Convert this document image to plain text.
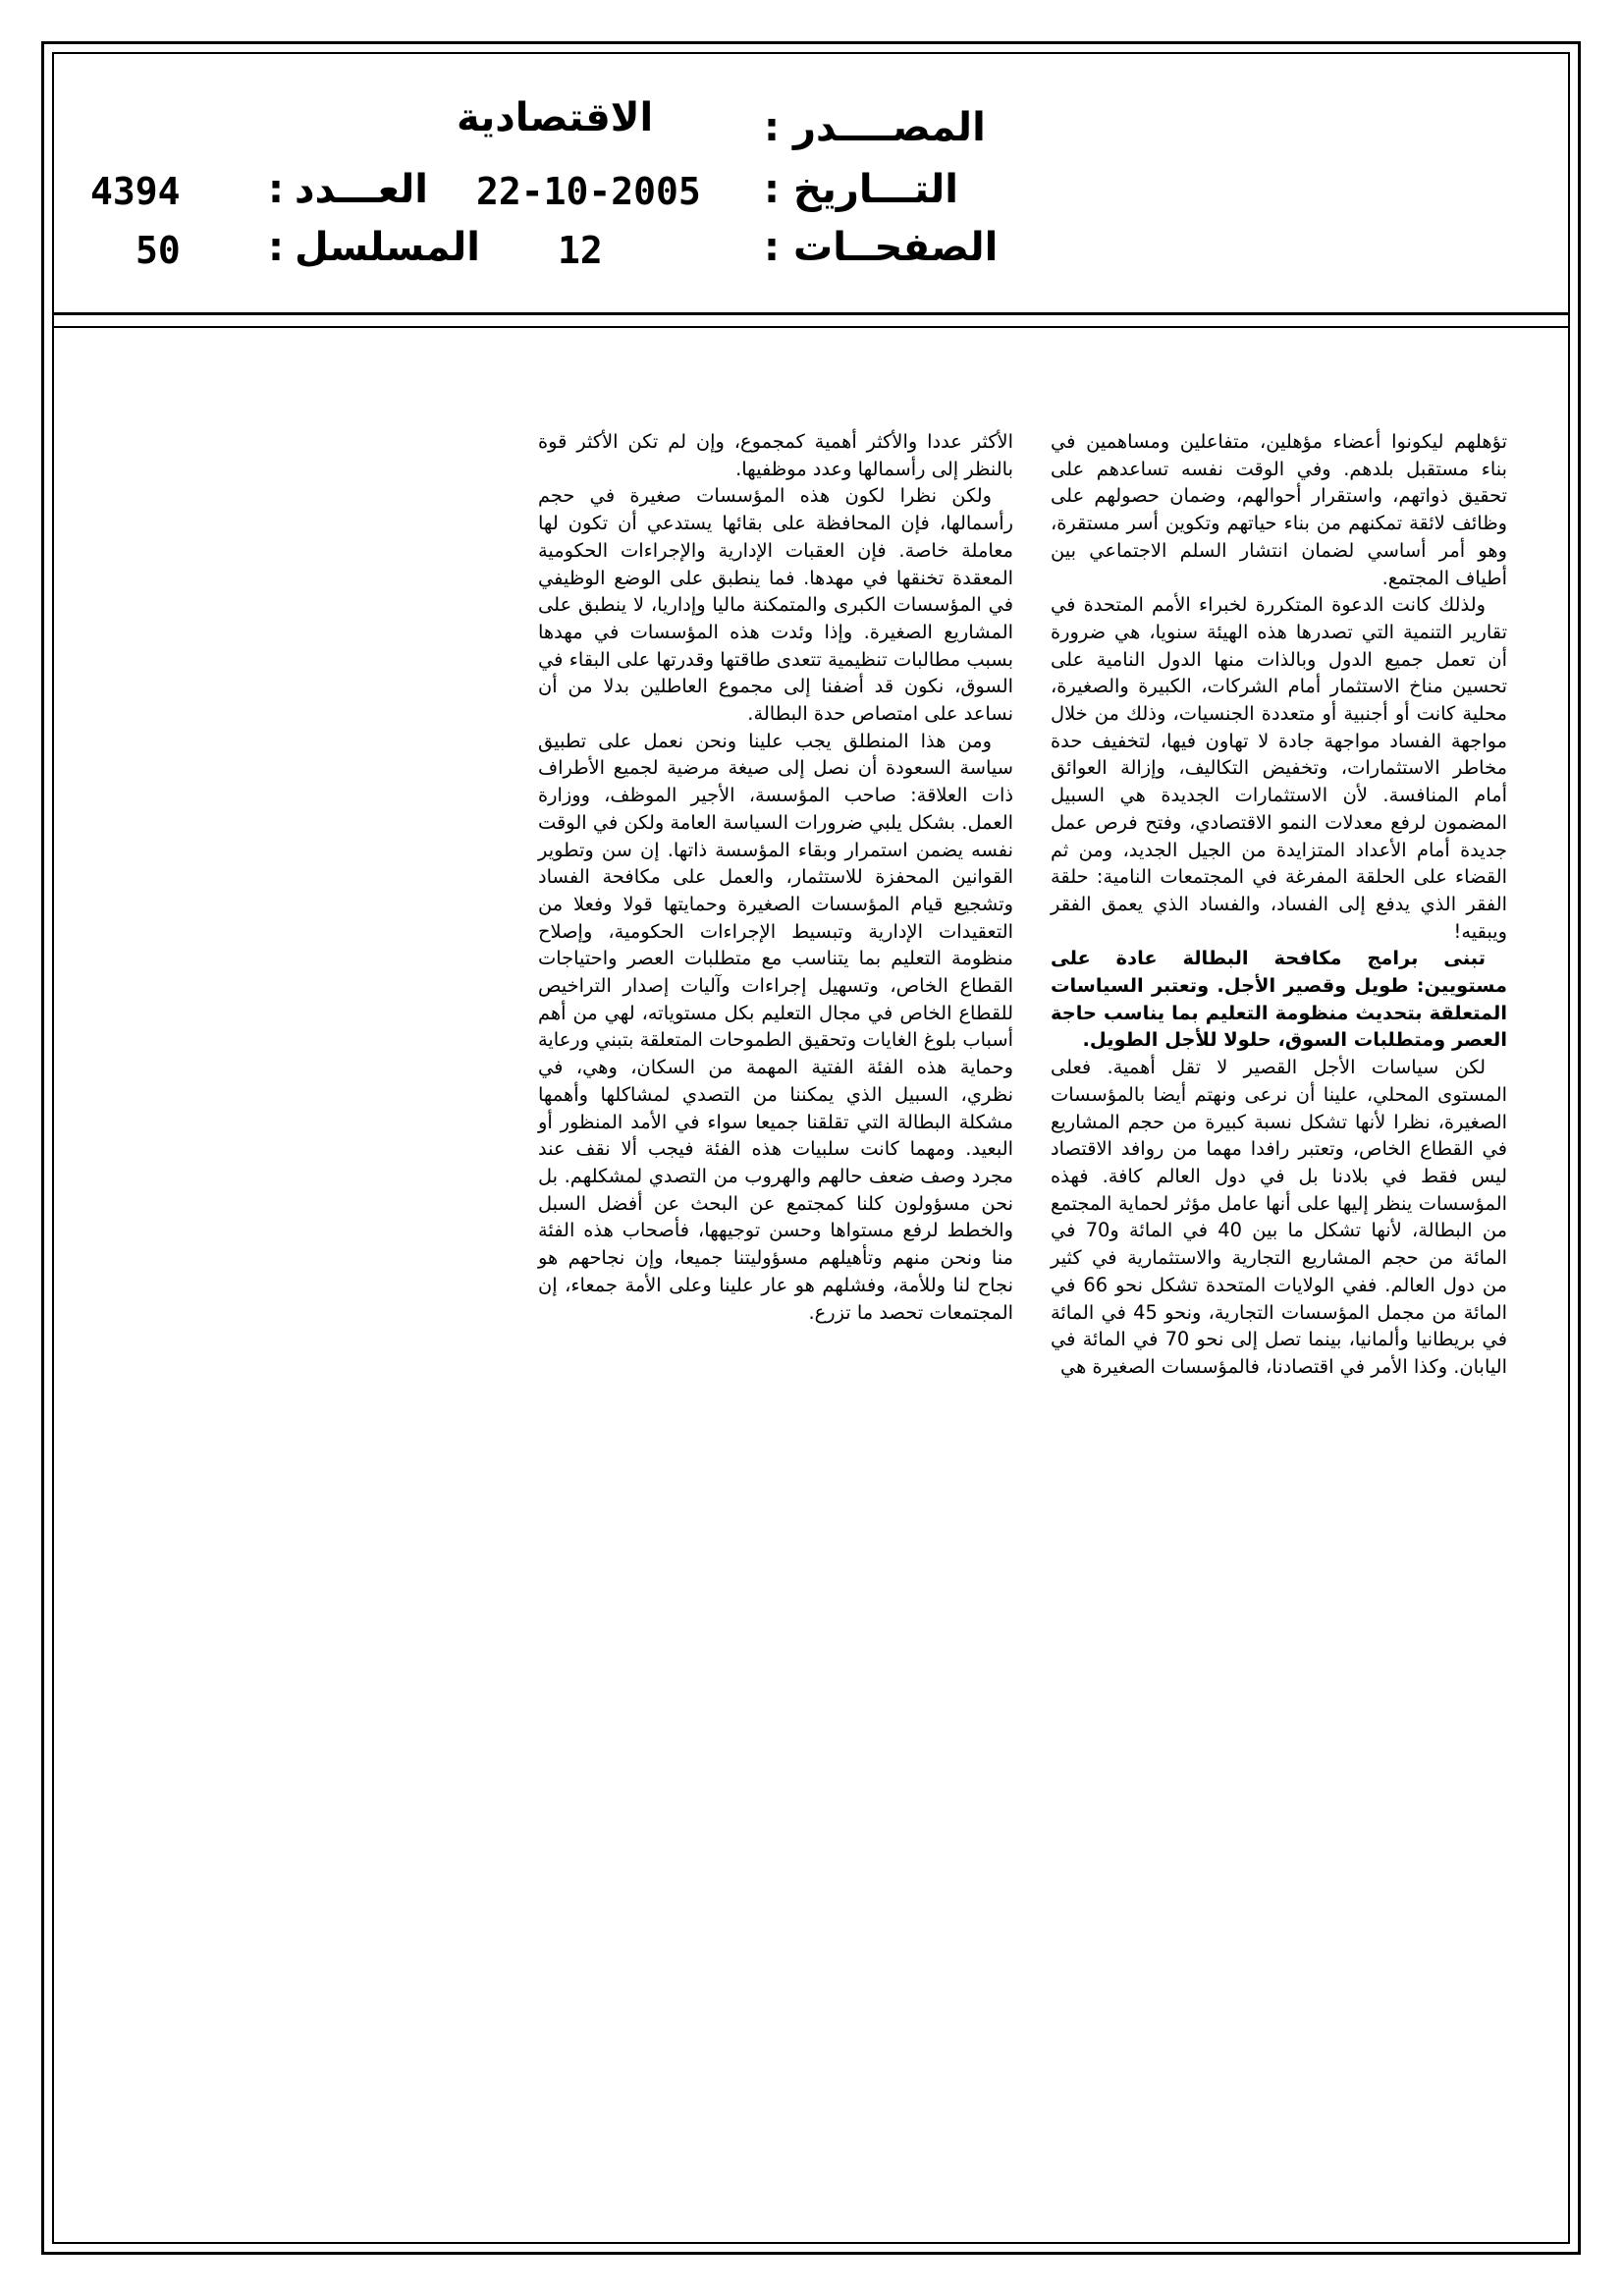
المصــــدر
:
الاقتصادية
التـــاريخ
:
22-10-2005
العـــدد
:
4394
الصفحــات
:
12
المسلسل
:
50

تؤهلهم ليكونوا أعضاء مؤهلين، متفاعلين ومساهمين في بناء مستقبل بلدهم. وفي الوقت نفسه تساعدهم على تحقيق ذواتهم، واستقرار أحوالهم، وضمان حصولهم على وظائف لائقة تمكنهم من بناء حياتهم وتكوين أسر مستقرة، وهو أمر أساسي لضمان انتشار السلم الاجتماعي بين أطياف المجتمع.

ولذلك كانت الدعوة المتكررة لخبراء الأمم المتحدة في تقارير التنمية التي تصدرها هذه الهيئة سنويا، هي ضرورة أن تعمل جميع الدول وبالذات منها الدول النامية على تحسين مناخ الاستثمار أمام الشركات، الكبيرة والصغيرة، محلية كانت أو أجنبية أو متعددة الجنسيات، وذلك من خلال مواجهة الفساد مواجهة جادة لا تهاون فيها، لتخفيف حدة مخاطر الاستثمارات، وتخفيض التكاليف، وإزالة العوائق أمام المنافسة. لأن الاستثمارات الجديدة هي السبيل المضمون لرفع معدلات النمو الاقتصادي، وفتح فرص عمل جديدة أمام الأعداد المتزايدة من الجيل الجديد، ومن ثم القضاء على الحلقة المفرغة في المجتمعات النامية: حلقة الفقر الذي يدفع إلى الفساد، والفساد الذي يعمق الفقر ويبقيه!

تبنى برامج مكافحة البطالة عادة على مستويين: طويل وقصير الأجل. وتعتبر السياسات المتعلقة بتحديث منظومة التعليم بما يناسب حاجة العصر ومتطلبات السوق، حلولا للأجل الطويل.

لكن سياسات الأجل القصير لا تقل أهمية. فعلى المستوى المحلي، علينا أن نرعى ونهتم أيضا بالمؤسسات الصغيرة، نظرا لأنها تشكل نسبة كبيرة من حجم المشاريع في القطاع الخاص، وتعتبر رافدا مهما من روافد الاقتصاد ليس فقط في بلادنا بل في دول العالم كافة. فهذه المؤسسات ينظر إليها على أنها عامل مؤثر لحماية المجتمع من البطالة، لأنها تشكل ما بين 40 في المائة و70 في المائة من حجم المشاريع التجارية والاستثمارية في كثير من دول العالم. ففي الولايات المتحدة تشكل نحو 66 في المائة من مجمل المؤسسات التجارية، ونحو 45 في المائة في بريطانيا وألمانيا، بينما تصل إلى نحو 70 في المائة في اليابان. وكذا الأمر في اقتصادنا، فالمؤسسات الصغيرة هي

الأكثر عددا والأكثر أهمية كمجموع، وإن لم تكن الأكثر قوة بالنظر إلى رأسمالها وعدد موظفيها.

ولكن نظرا لكون هذه المؤسسات صغيرة في حجم رأسمالها، فإن المحافظة على بقائها يستدعي أن تكون لها معاملة خاصة. فإن العقبات الإدارية والإجراءات الحكومية المعقدة تخنقها في مهدها. فما ينطبق على الوضع الوظيفي في المؤسسات الكبرى والمتمكنة ماليا وإداريا، لا ينطبق على المشاريع الصغيرة. وإذا وئدت هذه المؤسسات في مهدها بسبب مطالبات تنظيمية تتعدى طاقتها وقدرتها على البقاء في السوق، نكون قد أضفنا إلى مجموع العاطلين بدلا من أن نساعد على امتصاص حدة البطالة.

ومن هذا المنطلق يجب علينا ونحن نعمل على تطبيق سياسة السعودة أن نصل إلى صيغة مرضية لجميع الأطراف ذات العلاقة: صاحب المؤسسة، الأجير الموظف، ووزارة العمل. بشكل يلبي ضرورات السياسة العامة ولكن في الوقت نفسه يضمن استمرار وبقاء المؤسسة ذاتها. إن سن وتطوير القوانين المحفزة للاستثمار، والعمل على مكافحة الفساد وتشجيع قيام المؤسسات الصغيرة وحمايتها قولا وفعلا من التعقيدات الإدارية وتبسيط الإجراءات الحكومية، وإصلاح منظومة التعليم بما يتناسب مع متطلبات العصر واحتياجات القطاع الخاص، وتسهيل إجراءات وآليات إصدار التراخيص للقطاع الخاص في مجال التعليم بكل مستوياته، لهي من أهم أسباب بلوغ الغايات وتحقيق الطموحات المتعلقة بتبني ورعاية وحماية هذه الفئة الفتية المهمة من السكان، وهي، في نظري، السبيل الذي يمكننا من التصدي لمشاكلها وأهمها مشكلة البطالة التي تقلقنا جميعا سواء في الأمد المنظور أو البعيد. ومهما كانت سلبيات هذه الفئة فيجب ألا نقف عند مجرد وصف ضعف حالهم والهروب من التصدي لمشكلهم. بل نحن مسؤولون كلنا كمجتمع عن البحث عن أفضل السبل والخطط لرفع مستواها وحسن توجيهها، فأصحاب هذه الفئة منا ونحن منهم وتأهيلهم مسؤوليتنا جميعا، وإن نجاحهم هو نجاح لنا وللأمة، وفشلهم هو عار علينا وعلى الأمة جمعاء، إن المجتمعات تحصد ما تزرع.
